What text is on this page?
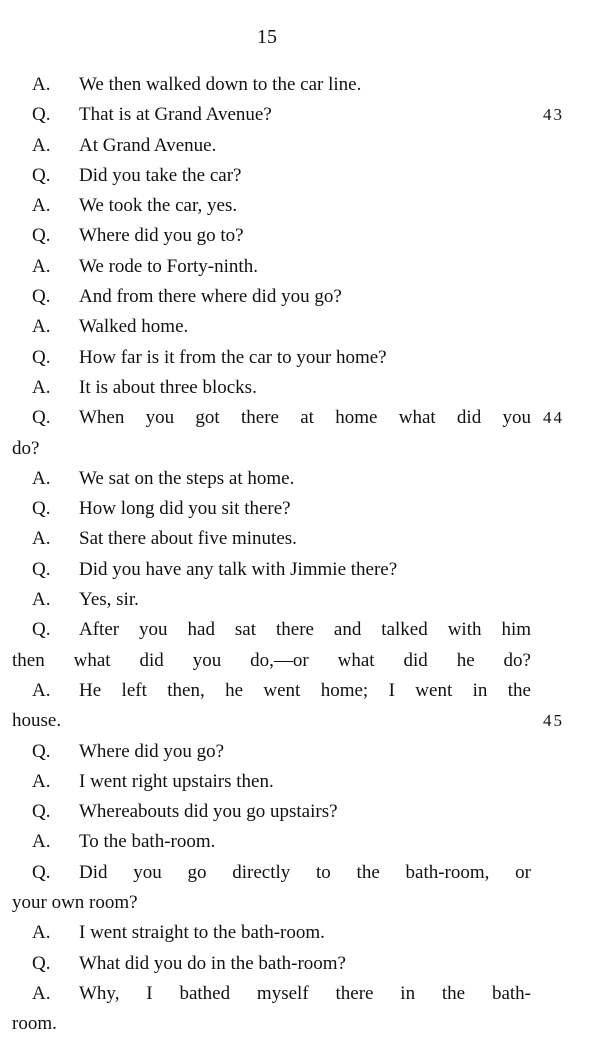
15
A.	We then walked down to the car line.
Q.	That is at Grand Avenue?	43
A.	At Grand Avenue.
Q.	Did you take the car?
A.	We took the car, yes.
Q.	Where did you go to?
A.	We rode to Forty-ninth.
Q.	And from there where did you go?
A.	Walked home.
Q.	How far is it from the car to your home?
A.	It is about three blocks.
Q.	When you got there at home what did you 44
do?
A.	We sat on the steps at home.
Q.	How long did you sit there?
A.	Sat there about five minutes.
Q.	Did you have any talk with Jimmie there?
A.	Yes, sir.
Q.	After you had sat there and talked with him
then what did you do,—or what did he do?
A.	He left then, he went home; I went in the
house.	45
Q.	Where did you go?
A.	I went right upstairs then.
Q.	Whereabouts did you go upstairs?
A.	To the bath-room.
Q.	Did you go directly to the bath-room, or
your own room?
A.	I went straight to the bath-room.
Q.	What did you do in the bath-room?
A.	Why, I bathed myself there in the bath-
room.
